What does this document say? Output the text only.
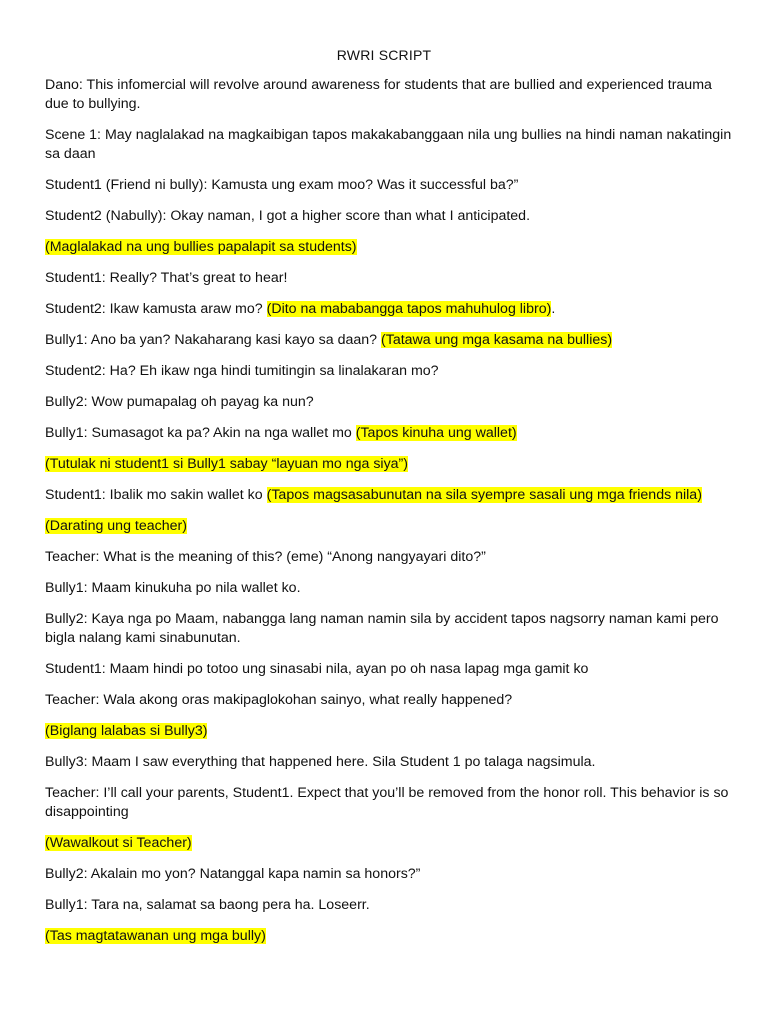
RWRI SCRIPT

Dano: This infomercial will revolve around awareness for students that are bullied and experienced trauma due to bullying.

Scene 1: May naglalakad na magkaibigan tapos makakabanggaan nila ung bullies na hindi naman nakatingin sa daan

Student1 (Friend ni bully): Kamusta ung exam moo? Was it successful ba?”

Student2 (Nabully): Okay naman, I got a higher score than what I anticipated.

(Maglalakad na ung bullies papalapit sa students)

Student1: Really? That’s great to hear!

Student2: Ikaw kamusta araw mo? (Dito na mababangga tapos mahuhulog libro).

Bully1: Ano ba yan? Nakaharang kasi kayo sa daan? (Tatawa ung mga kasama na bullies)

Student2: Ha? Eh ikaw nga hindi tumitingin sa linalakaran mo?

Bully2: Wow pumapalag oh payag ka nun?

Bully1: Sumasagot ka pa? Akin na nga wallet mo (Tapos kinuha ung wallet)

(Tutulak ni student1 si Bully1 sabay “layuan mo nga siya”)

Student1: Ibalik mo sakin wallet ko (Tapos magsasabunutan na sila syempre sasali ung mga friends nila)

(Darating ung teacher)

Teacher: What is the meaning of this? (eme) “Anong nangyayari dito?”

Bully1: Maam kinukuha po nila wallet ko.

Bully2: Kaya nga po Maam, nabangga lang naman namin sila by accident tapos nagsorry naman kami pero bigla nalang kami sinabunutan.

Student1: Maam hindi po totoo ung sinasabi nila, ayan po oh nasa lapag mga gamit ko

Teacher: Wala akong oras makipaglokohan sainyo, what really happened?

(Biglang lalabas si Bully3)

Bully3: Maam I saw everything that happened here. Sila Student 1 po talaga nagsimula.

Teacher: I’ll call your parents, Student1. Expect that you’ll be removed from the honor roll. This behavior is so disappointing

(Wawalkout si Teacher)

Bully2: Akalain mo yon? Natanggal kapa namin sa honors?”

Bully1: Tara na, salamat sa baong pera ha. Loseerr.

(Tas magtatawanan ung mga bully)
